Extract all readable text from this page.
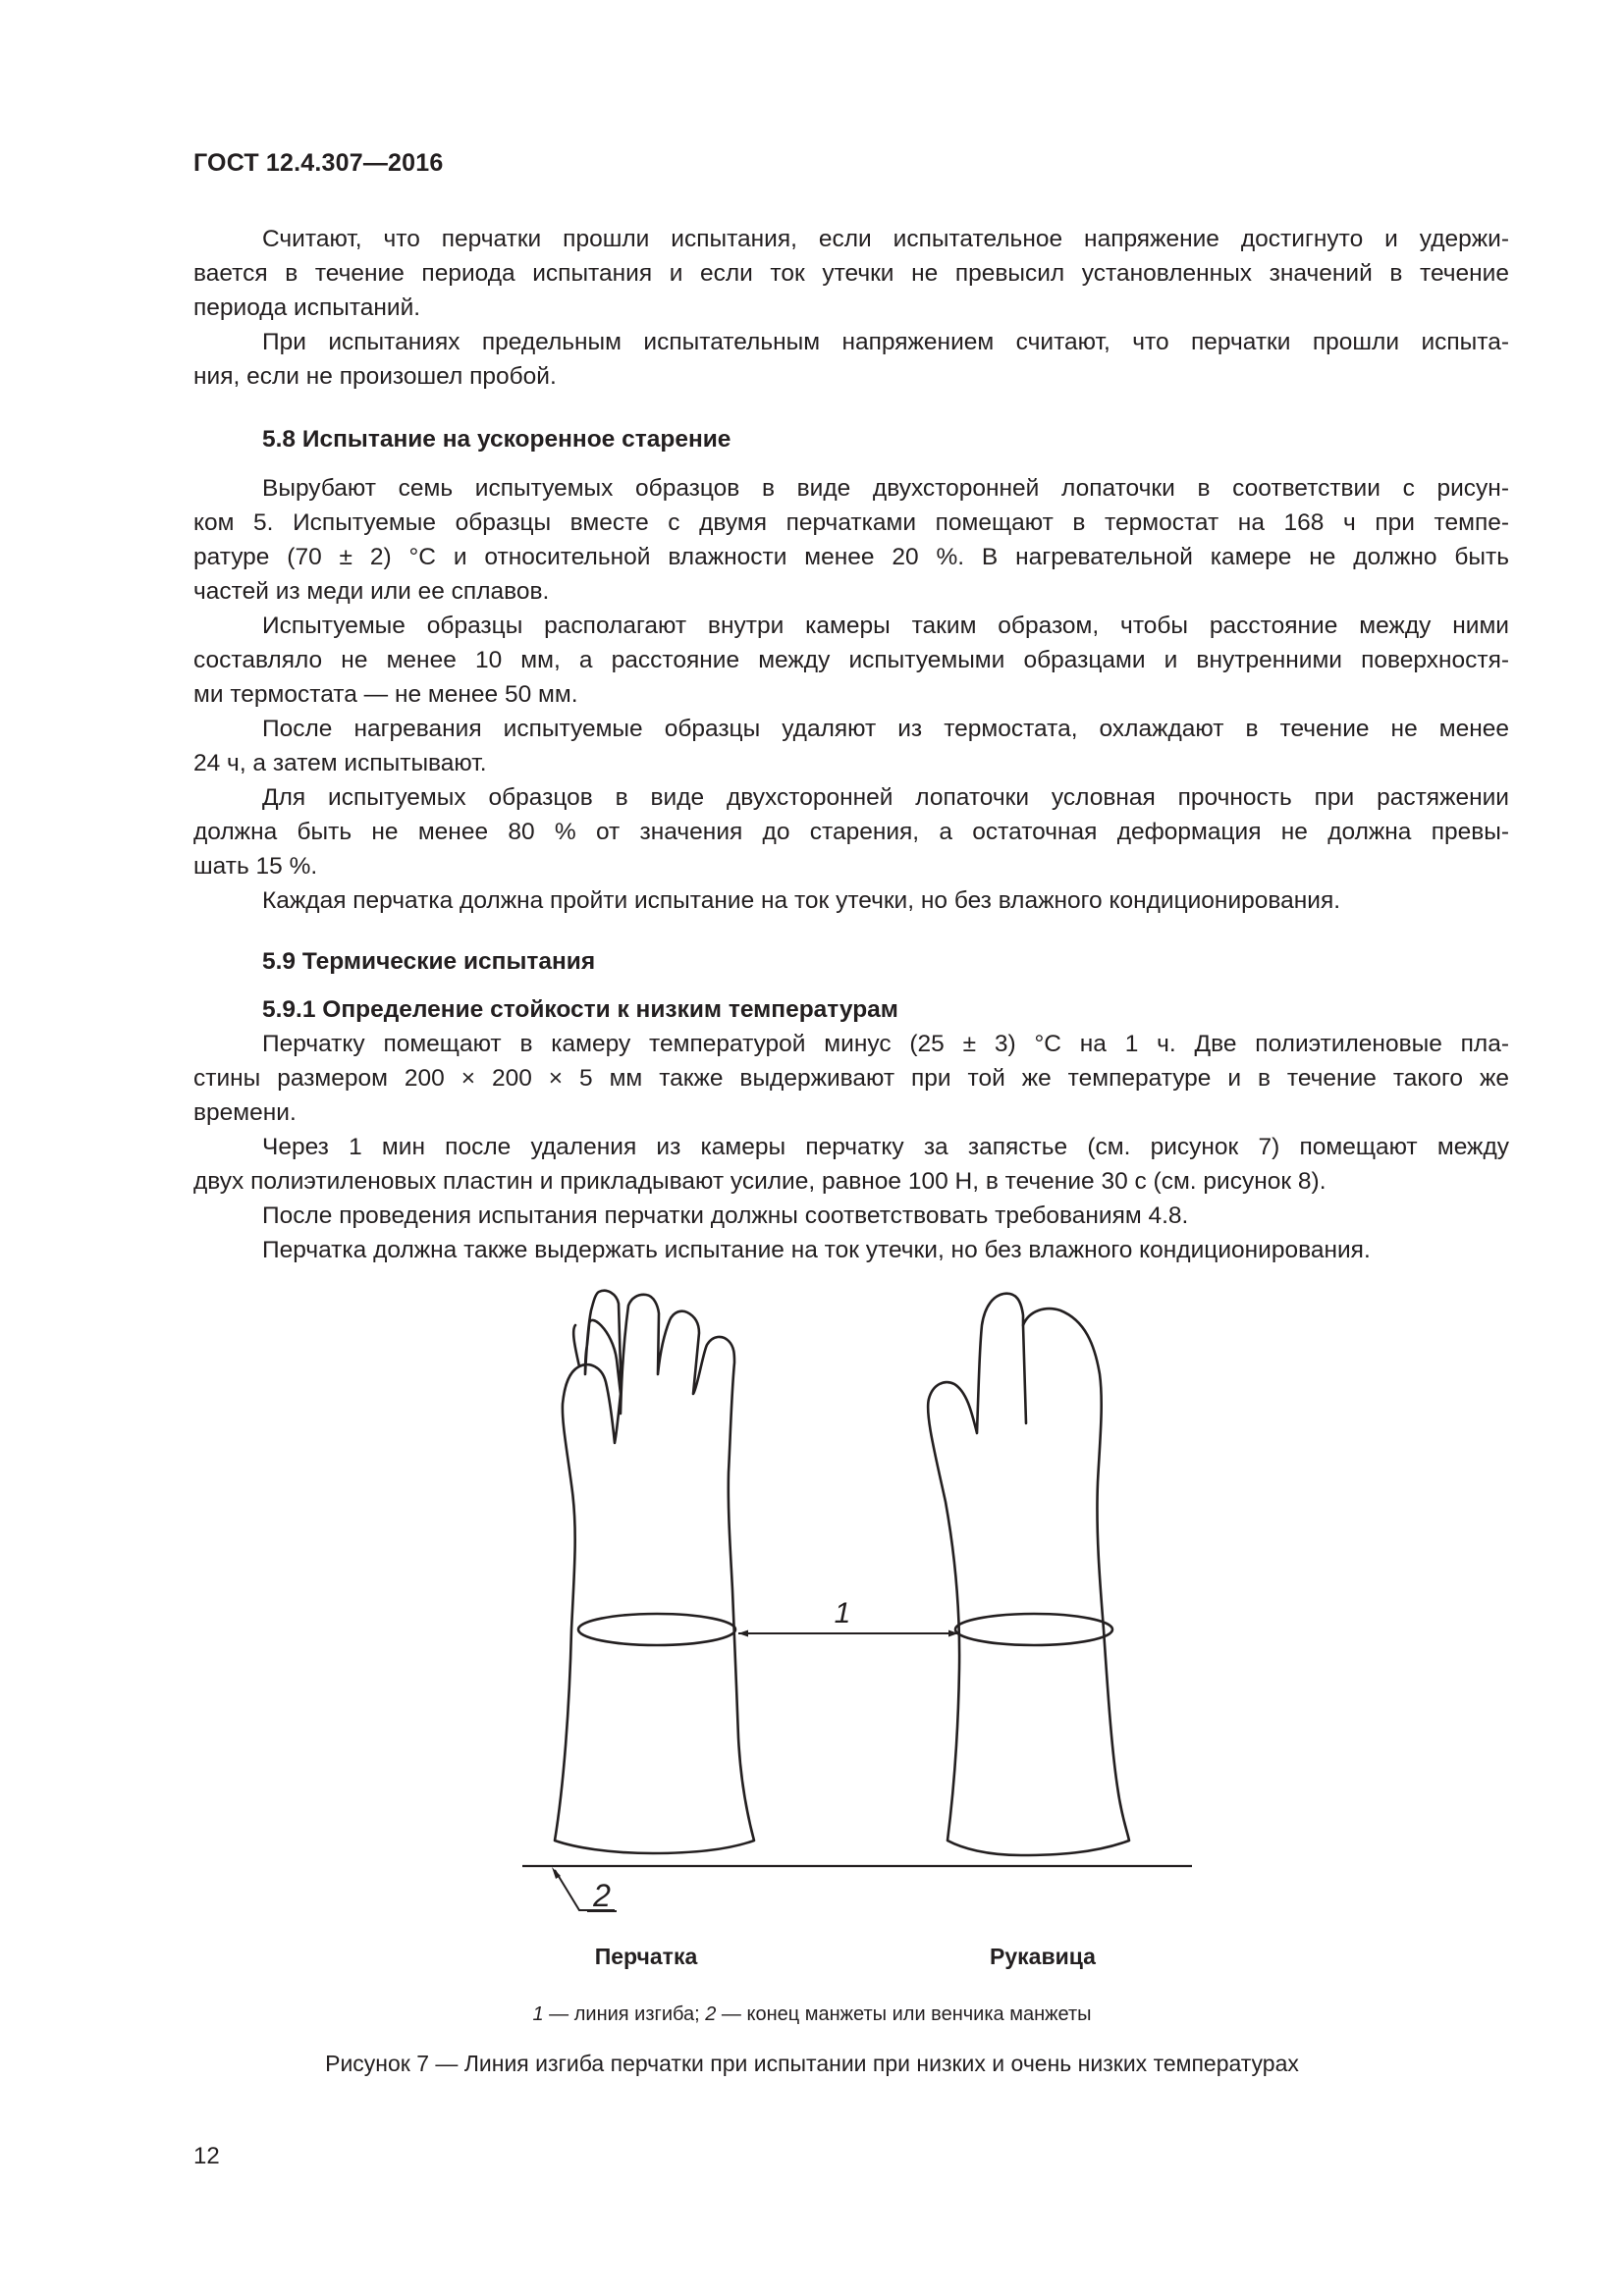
ГОСТ 12.4.307—2016
Считают, что перчатки прошли испытания, если испытательное напряжение достигнуто и удержи-
вается в течение периода испытания и если ток утечки не превысил установленных значений в течение
периода испытаний.
При испытаниях предельным испытательным напряжением считают, что перчатки прошли испыта-
ния, если не произошел пробой.
5.8 Испытание на ускоренное старение
Вырубают семь испытуемых образцов в виде двухсторонней лопаточки в соответствии с рисун-
ком 5. Испытуемые образцы вместе с двумя перчатками помещают в термостат на 168 ч при темпе-
ратуре (70 ± 2) °С и относительной влажности менее 20 %. В нагревательной камере не должно быть
частей из меди или ее сплавов.
Испытуемые образцы располагают внутри камеры таким образом, чтобы расстояние между ними
составляло не менее 10 мм, а расстояние между испытуемыми образцами и внутренними поверхностя-
ми термостата — не менее 50 мм.
После нагревания испытуемые образцы удаляют из термостата, охлаждают в течение не менее
24 ч, а затем испытывают.
Для испытуемых образцов в виде двухсторонней лопаточки условная прочность при растяжении
должна быть не менее 80 % от значения до старения, а остаточная деформация не должна превы-
шать 15 %.
Каждая перчатка должна пройти испытание на ток утечки, но без влажного кондиционирования.
5.9 Термические испытания
5.9.1 Определение стойкости к низким температурам
Перчатку помещают в камеру температурой минус (25 ± 3) °С на 1 ч. Две полиэтиленовые пла-
стины размером 200 × 200 × 5 мм также выдерживают при той же температуре и в течение такого же
времени.
Через 1 мин после удаления из камеры перчатку за запястье (см. рисунок 7) помещают между
двух полиэтиленовых пластин и прикладывают усилие, равное 100 Н, в течение 30 с (см. рисунок 8).
После проведения испытания перчатки должны соответствовать требованиям 4.8.
Перчатка должна также выдержать испытание на ток утечки, но без влажного кондиционирования.
1
2
Перчатка	Рукавица
1 — линия изгиба; 2 — конец манжеты или венчика манжеты
Рисунок 7 — Линия изгиба перчатки при испытании при низких и очень низких температурах
12
